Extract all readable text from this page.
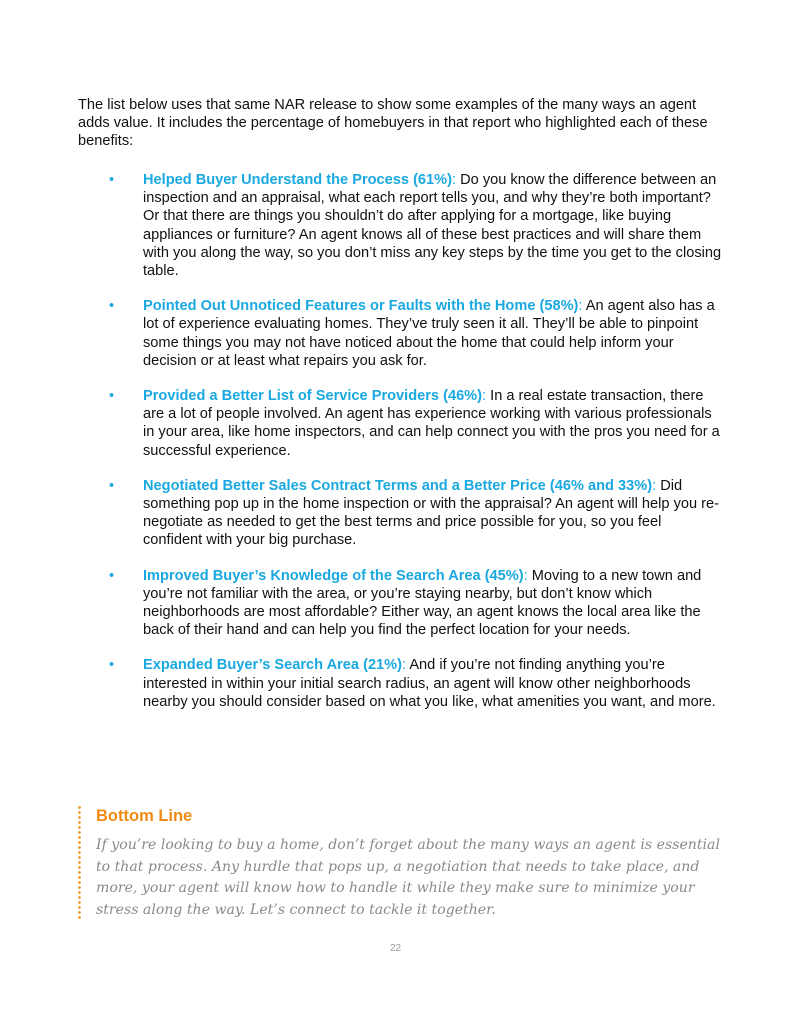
The list below uses that same NAR release to show some examples of the many ways an agent adds value. It includes the percentage of homebuyers in that report who highlighted each of these benefits:

• Helped Buyer Understand the Process (61%): Do you know the difference between an inspection and an appraisal, what each report tells you, and why they’re both important? Or that there are things you shouldn’t do after applying for a mortgage, like buying appliances or furniture? An agent knows all of these best practices and will share them with you along the way, so you don’t miss any key steps by the time you get to the closing table.
• Pointed Out Unnoticed Features or Faults with the Home (58%): An agent also has a lot of experience evaluating homes. They’ve truly seen it all. They’ll be able to pinpoint some things you may not have noticed about the home that could help inform your decision or at least what repairs you ask for.
• Provided a Better List of Service Providers (46%): In a real estate transaction, there are a lot of people involved. An agent has experience working with various professionals in your area, like home inspectors, and can help connect you with the pros you need for a successful experience.
• Negotiated Better Sales Contract Terms and a Better Price (46% and 33%): Did something pop up in the home inspection or with the appraisal? An agent will help you re-negotiate as needed to get the best terms and price possible for you, so you feel confident with your big purchase.
• Improved Buyer’s Knowledge of the Search Area (45%): Moving to a new town and you’re not familiar with the area, or you’re staying nearby, but don’t know which neighborhoods are most affordable? Either way, an agent knows the local area like the back of their hand and can help you find the perfect location for your needs.
• Expanded Buyer’s Search Area (21%): And if you’re not finding anything you’re interested in within your initial search radius, an agent will know other neighborhoods nearby you should consider based on what you like, what amenities you want, and more.
Bottom Line

If you’re looking to buy a home, don’t forget about the many ways an agent is essential to that process. Any hurdle that pops up, a negotiation that needs to take place, and more, your agent will know how to handle it while they make sure to minimize your stress along the way. Let’s connect to tackle it together.

22
